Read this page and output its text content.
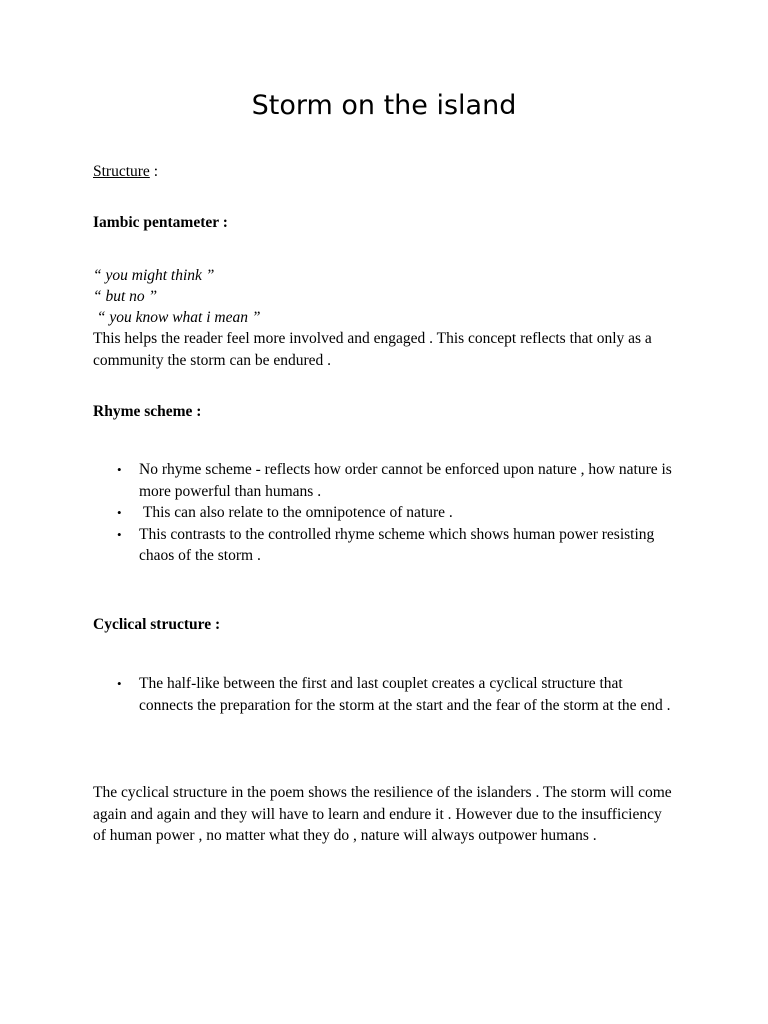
Storm on the island

Structure :

Iambic pentameter :

“ you might think ”
“ but no ”
“ you know what i mean ”

This helps the reader feel more involved and engaged . This concept reflects that only as a community the storm can be endured .

Rhyme scheme :

• No rhyme scheme - reflects how order cannot be enforced upon nature , how nature is more powerful than humans .
• This can also relate to the omnipotence of nature .
• This contrasts to the controlled rhyme scheme which shows human power resisting chaos of the storm .

Cyclical structure :

• The half-like between the first and last couplet creates a cyclical structure that connects the preparation for the storm at the start and the fear of the storm at the end .

The cyclical structure in the poem shows the resilience of the islanders . The storm will come again and again and they will have to learn and endure it . However due to the insufficiency of human power , no matter what they do , nature will always outpower humans .
